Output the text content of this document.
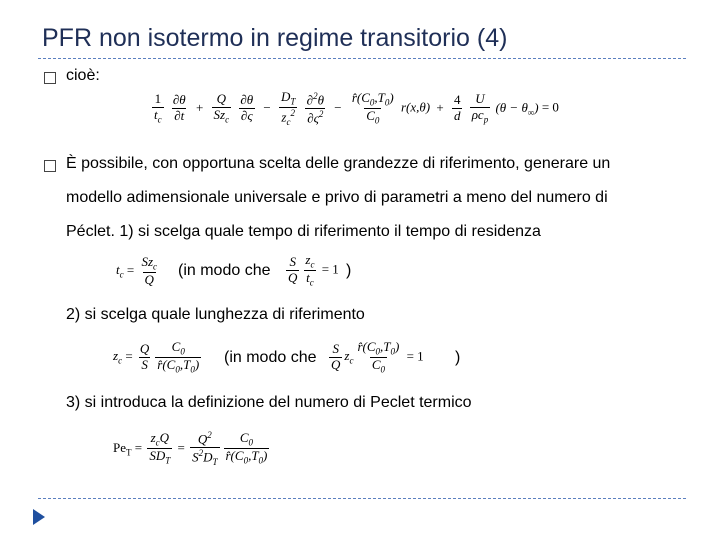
PFR non isotermo in regime transitorio (4)
cioè:
$\frac{1}{t_c}$
$\frac{\partial\theta}{\partial t} + \frac{Q}{Sz_c}$
$\frac{\partial\theta}{\partial\varsigma} - \frac{D_T}{z_c^2}$
$\frac{\partial^2\theta}{\partial\varsigma^2} - \frac{r̂(C_0,T_0)}{C_0} r(x,\theta) + \frac{4}{d}$
$\frac{U}{\rho c_p} (\theta - \theta_\infty) = 0$
È possibile, con opportuna scelta delle grandezze di riferimento, generare un
modello adimensionale universale e privo di parametri a meno del numero di
Péclet. 1) si scelga quale tempo di riferimento il tempo di residenza
$t_c = \frac{Sz_c}{Q} (in$ modo che $\frac{S}{Q} \frac{z_c}{t_c} = 1$ )
2) si scelga quale lunghezza di riferimento
$z_c = \frac{Q}{S} \frac{C_0}{r̂(C_0,T_0)} (in$ modo che $\frac{S}{Q} z_c \frac{r̂(C_0,T_0)}{C_0} = 1$ )
3) si introduca la definizione del numero di Peclet termico
$Pe_T = \frac{z_cQ}{SD_T} = \frac{Q^2}{S^2D_T} \frac{C_0}{r̂(C_0,T_0)}$
